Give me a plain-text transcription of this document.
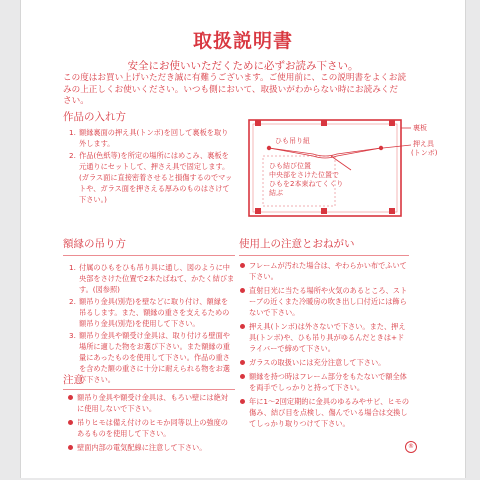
取扱説明書
安全にお使いいただくために必ずお読み下さい。
この度はお買い上げいただき誠に有難うございます。ご使用前に、この説明書をよくお読
みの上正しくお使いください。いつも側において、取扱いがわからない時にお読みくだ
さい。
作品の入れ方
1. 額縁裏面の押え具(トンボ)を回して裏板を取り外します。
2. 作品(色紙等)を所定の場所にはめこみ、裏板を元通りにセットして、押さえ具で固定します。(ガラス面に直接密着させると損傷するのでマットや、ガラス面を押さえる厚みのものはさけて下さい。)
裏板
ひも吊り紐	押え具
(トンボ)
ひも結び位置
中央部をさけた位置で
ひもを2本束ねてくくり
結ぶ
額縁の吊り方
1. 付属のひもをひも吊り具に通し、図のように中央部をさけた位置で2本たばねて、かたく結びます。(図参照)
2. 額吊り金具(別売)を壁などに取り付け、額縁を吊るします。また、額縁の重さを支えるための額吊り金具(別売)を使用して下さい。
3. 額吊り金具や額受け金具は、取り付ける壁面や場所に適した物をお選び下さい。また額縁の重量にあったものを使用して下さい。作品の重さを含めた額の重さに十分に耐えられる物をお選び下さい。
注意
額吊り金具や額受け金具は、もろい壁には絶対に使用しないで下さい。
吊りヒモは備え付けのヒモか同等以上の強度のあるものを使用して下さい。
壁面内部の電気配線に注意して下さい。
使用上の注意とおねがい
フレームが汚れた場合は、やわらかい布でふいて下さい。
直射日光に当たる場所や火気のあるところ、ストーブの近くまた冷暖房の吹き出し口付近には飾らないで下さい。
押え具(トンボ)は外さないで下さい。また、押え具(トンボ)や、ひも吊り具がゆるんだときは+ドライバーで締めて下さい。
ガラスの取扱いには充分注意して下さい。
額縁を持つ時はフレーム部分をもたないで額全体を両手でしっかりと持って下さい。
年に1～2回定期的に金具のゆるみやサビ、ヒモの傷み、結び目を点検し、傷んでいる場合は交換してしっかり取りつけて下さい。
®
